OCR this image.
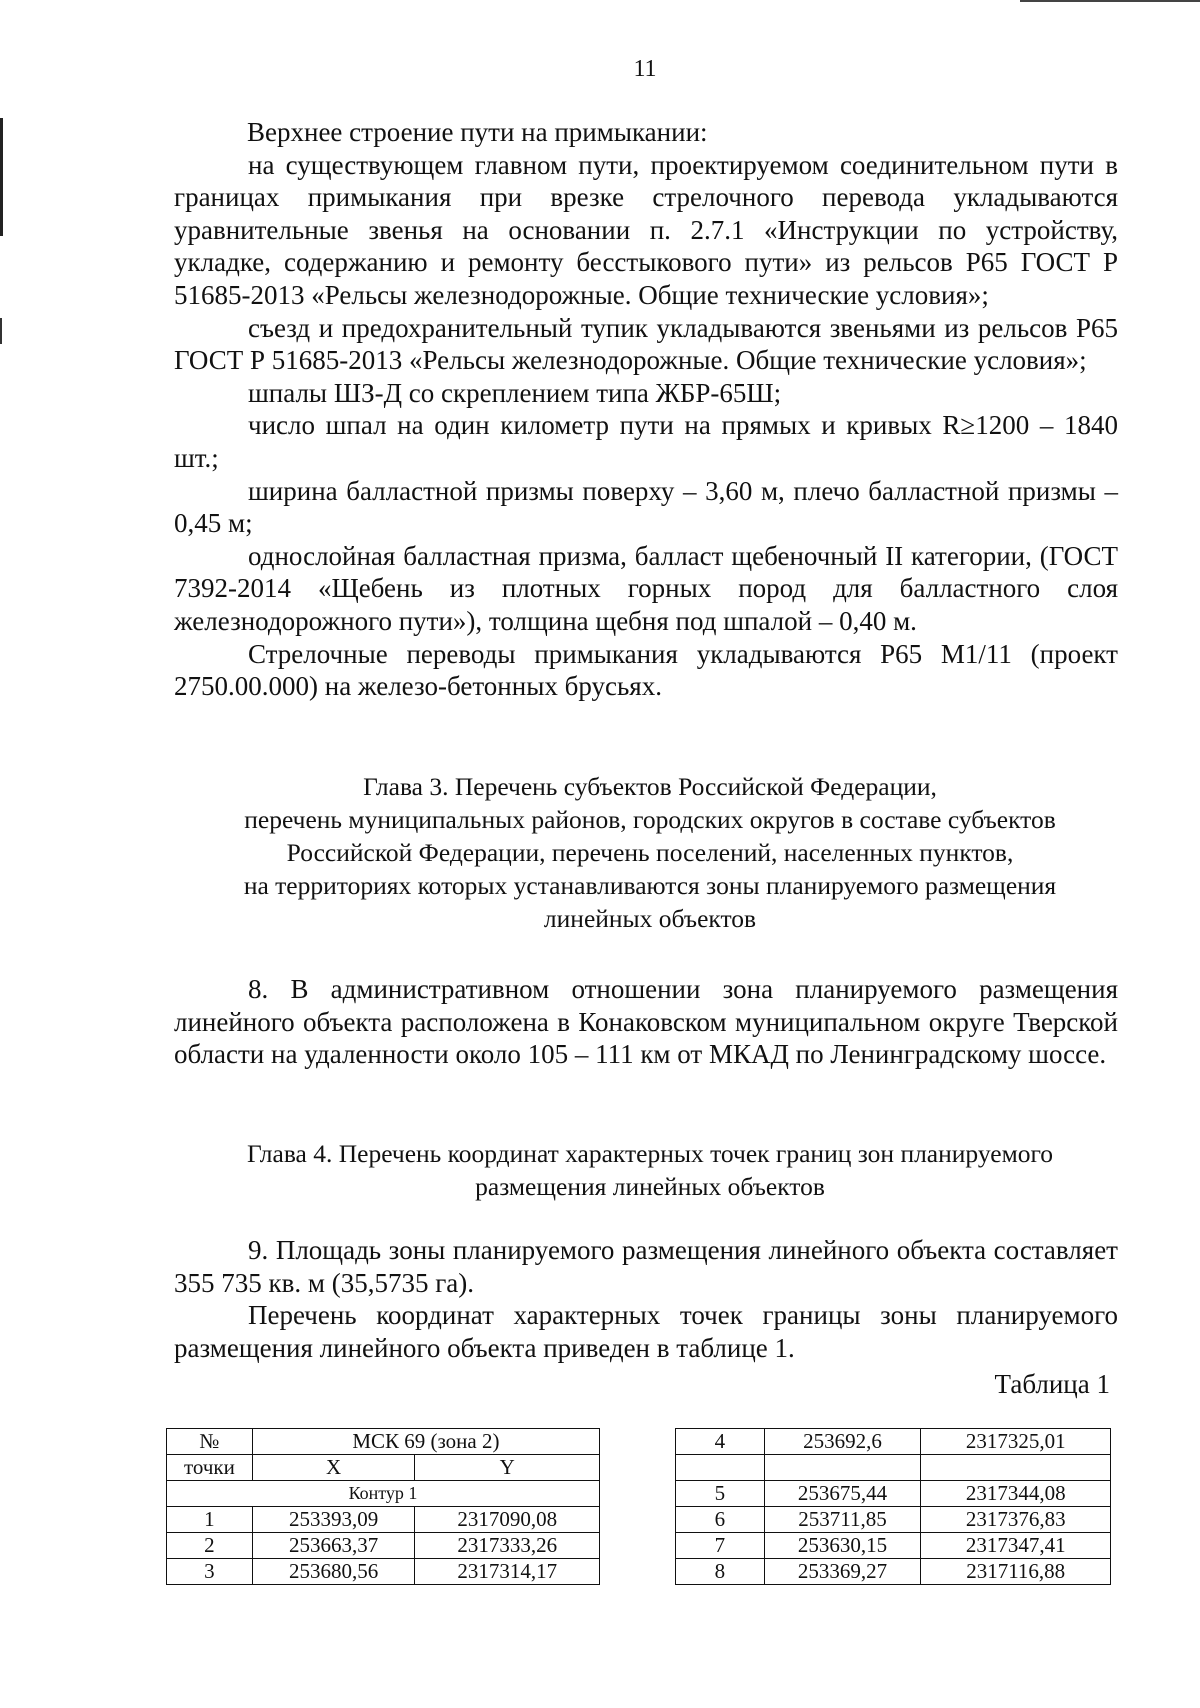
11

Верхнее строение пути на примыкании:

на существующем главном пути, проектируемом соединительном пути в границах примыкания при врезке стрелочного перевода укладываются уравнительные звенья на основании п. 2.7.1 «Инструкции по устройству, укладке, содержанию и ремонту бесстыкового пути» из рельсов Р65 ГОСТ Р 51685-2013 «Рельсы железнодорожные. Общие технические условия»;

съезд и предохранительный тупик укладываются звеньями из рельсов Р65 ГОСТ Р 51685-2013 «Рельсы железнодорожные. Общие технические условия»;

шпалы ШЗ-Д со скреплением типа ЖБР-65Ш;

число шпал на один километр пути на прямых и кривых R≥1200 – 1840 шт.;

ширина балластной призмы поверху – 3,60 м, плечо балластной призмы – 0,45 м;

однослойная балластная призма, балласт щебеночный II категории, (ГОСТ 7392-2014 «Щебень из плотных горных пород для балластного слоя железнодорожного пути»), толщина щебня под шпалой – 0,40 м.

Стрелочные переводы примыкания укладываются Р65 М1/11 (проект 2750.00.000) на железо-бетонных брусьях.

Глава 3. Перечень субъектов Российской Федерации,
перечень муниципальных районов, городских округов в составе субъектов
Российской Федерации, перечень поселений, населенных пунктов,
на территориях которых устанавливаются зоны планируемого размещения
линейных объектов

8. В административном отношении зона планируемого размещения линейного объекта расположена в Конаковском муниципальном округе Тверской области на удаленности около 105 – 111 км от МКАД по Ленинградскому шоссе.

Глава 4. Перечень координат характерных точек границ зон планируемого
размещения линейных объектов

9. Площадь зоны планируемого размещения линейного объекта составляет 355 735 кв. м (35,5735 га).

Перечень координат характерных точек границы зоны планируемого размещения линейного объекта приведен в таблице 1.

Таблица 1
№	МСК 69 (зона 2)	
точки	X	Y
Контур 1		
1	253393,09	2317090,08
2	253663,37	2317333,26
3	253680,56	2317314,17
4	253692,6	2317325,01

5	253675,44	2317344,08
6	253711,85	2317376,83
7	253630,15	2317347,41
8	253369,27	2317116,88
